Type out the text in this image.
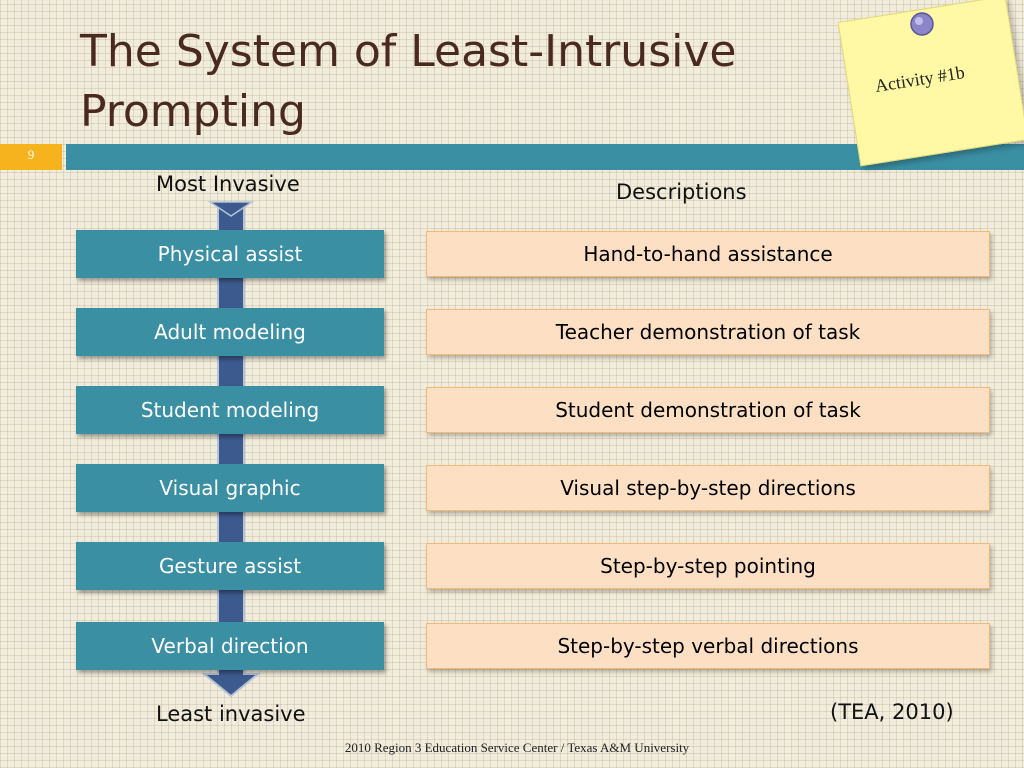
The System of Least-Intrusive Prompting
9
Activity #1b
Most Invasive	Descriptions
Physical assist
Adult modeling
Student modeling
Visual graphic
Gesture assist
Verbal direction
Hand-to-hand assistance
Teacher demonstration of task
Student demonstration of task
Visual step-by-step directions
Step-by-step pointing
Step-by-step verbal directions
Least invasive	(TEA, 2010)
2010 Region 3 Education Service Center / Texas A&M University
